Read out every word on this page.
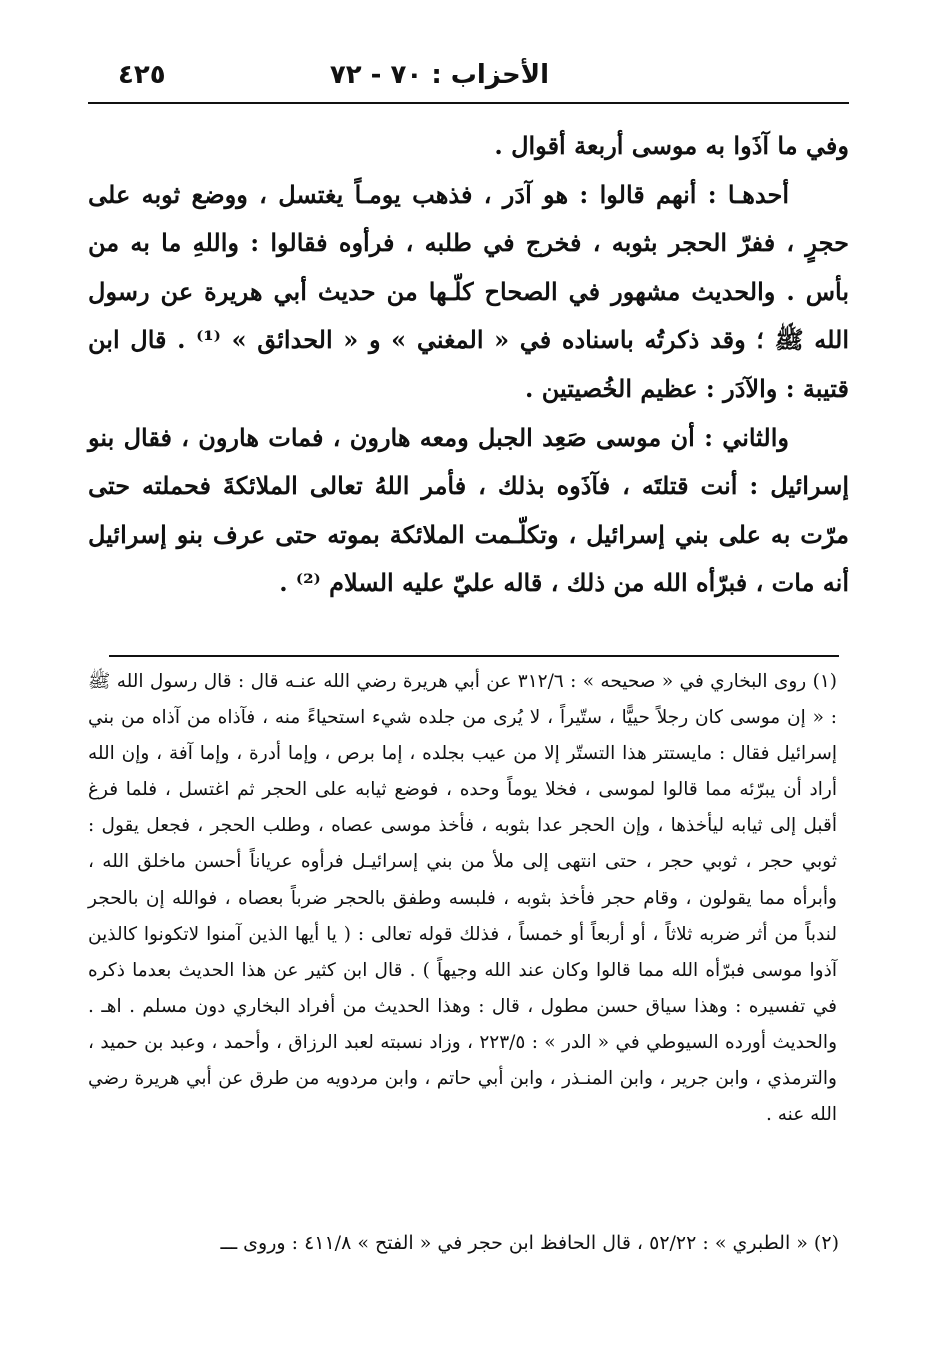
الأحزاب : ٧٠ - ٧٢
٤٢٥

وفي ما آذَوا به موسى أربعة أقوال .

أحدهـا : أنهم قالوا : هو آدَر ، فذهب يومـاً يغتسل ، ووضع ثوبه على حجرٍ ، ففرّ الحجر بثوبه ، فخرج في طلبه ، فرأوه فقالوا : واللهِ ما به من بأس . والحديث مشهور في الصحاح كلّـها من حديث أبي هريرة عن رسول الله ﷺ ؛ وقد ذكرتُه باسناده في « المغني » و « الحدائق » ⁽¹⁾ . قال ابن قتيبة : والآدَر : عظيم الخُصيتين .

والثاني : أن موسى صَعِد الجبل ومعه هارون ، فمات هارون ، فقال بنو إسرائيل : أنت قتلتَه ، فآذَوه بذلك ، فأمر اللهُ تعالى الملائكةَ فحملته حتى مرّت به على بني إسرائيل ، وتكلّـمت الملائكة بموته حتى عرف بنو إسرائيل أنه مات ، فبرّأه الله من ذلك ، قاله عليّ عليه السلام ⁽²⁾ .

(١) روى البخاري في « صحيحه » : ٣١٢/٦ عن أبي هريرة رضي الله عنـه قال : قال رسول الله ﷺ : « إن موسى كان رجلاً حييًّا ، ستّيراً ، لا يُرى من جلده شيء استحياءً منه ، فآذاه من آذاه من بني إسرائيل فقال : مايستتر هذا التستّر إلا من عيب بجلده ، إما برص ، وإما أدرة ، وإما آفة ، وإن الله أراد أن يبرّئه مما قالوا لموسى ، فخلا يوماً وحده ، فوضع ثيابه على الحجر ثم اغتسل ، فلما فرغ أقبل إلى ثيابه ليأخذها ، وإن الحجر عدا بثوبه ، فأخذ موسى عصاه ، وطلب الحجر ، فجعل يقول : ثوبي حجر ، ثوبي حجر ، حتى انتهى إلى ملأ من بني إسرائيـل فرأوه عرياناً أحسن ماخلق الله ، وأبرأه مما يقولون ، وقام حجر فأخذ بثوبه ، فلبسه وطفق بالحجر ضرباً بعصاه ، فوالله إن بالحجر لندباً من أثر ضربه ثلاثاً ، أو أربعاً أو خمساً ، فذلك قوله تعالى : ( يا أيها الذين آمنوا لاتكونوا كالذين آذوا موسى فبرّأه الله مما قالوا وكان عند الله وجيهاً ) . قال ابن كثير عن هذا الحديث بعدما ذكره في تفسيره : وهذا سياق حسن مطول ، قال : وهذا الحديث من أفراد البخاري دون مسلم . اهـ . والحديث أورده السيوطي في « الدر » : ٢٢٣/٥ ، وزاد نسبته لعبد الرزاق ، وأحمد ، وعبد بن حميد ، والترمذي ، وابن جرير ، وابن المنـذر ، وابن أبي حاتم ، وابن مردويه من طرق عن أبي هريرة رضي الله عنه .

(٢) « الطبري » : ٥٢/٢٢ ، قال الحافظ ابن حجر في « الفتح » ٤١١/٨ : وروى ـــ
